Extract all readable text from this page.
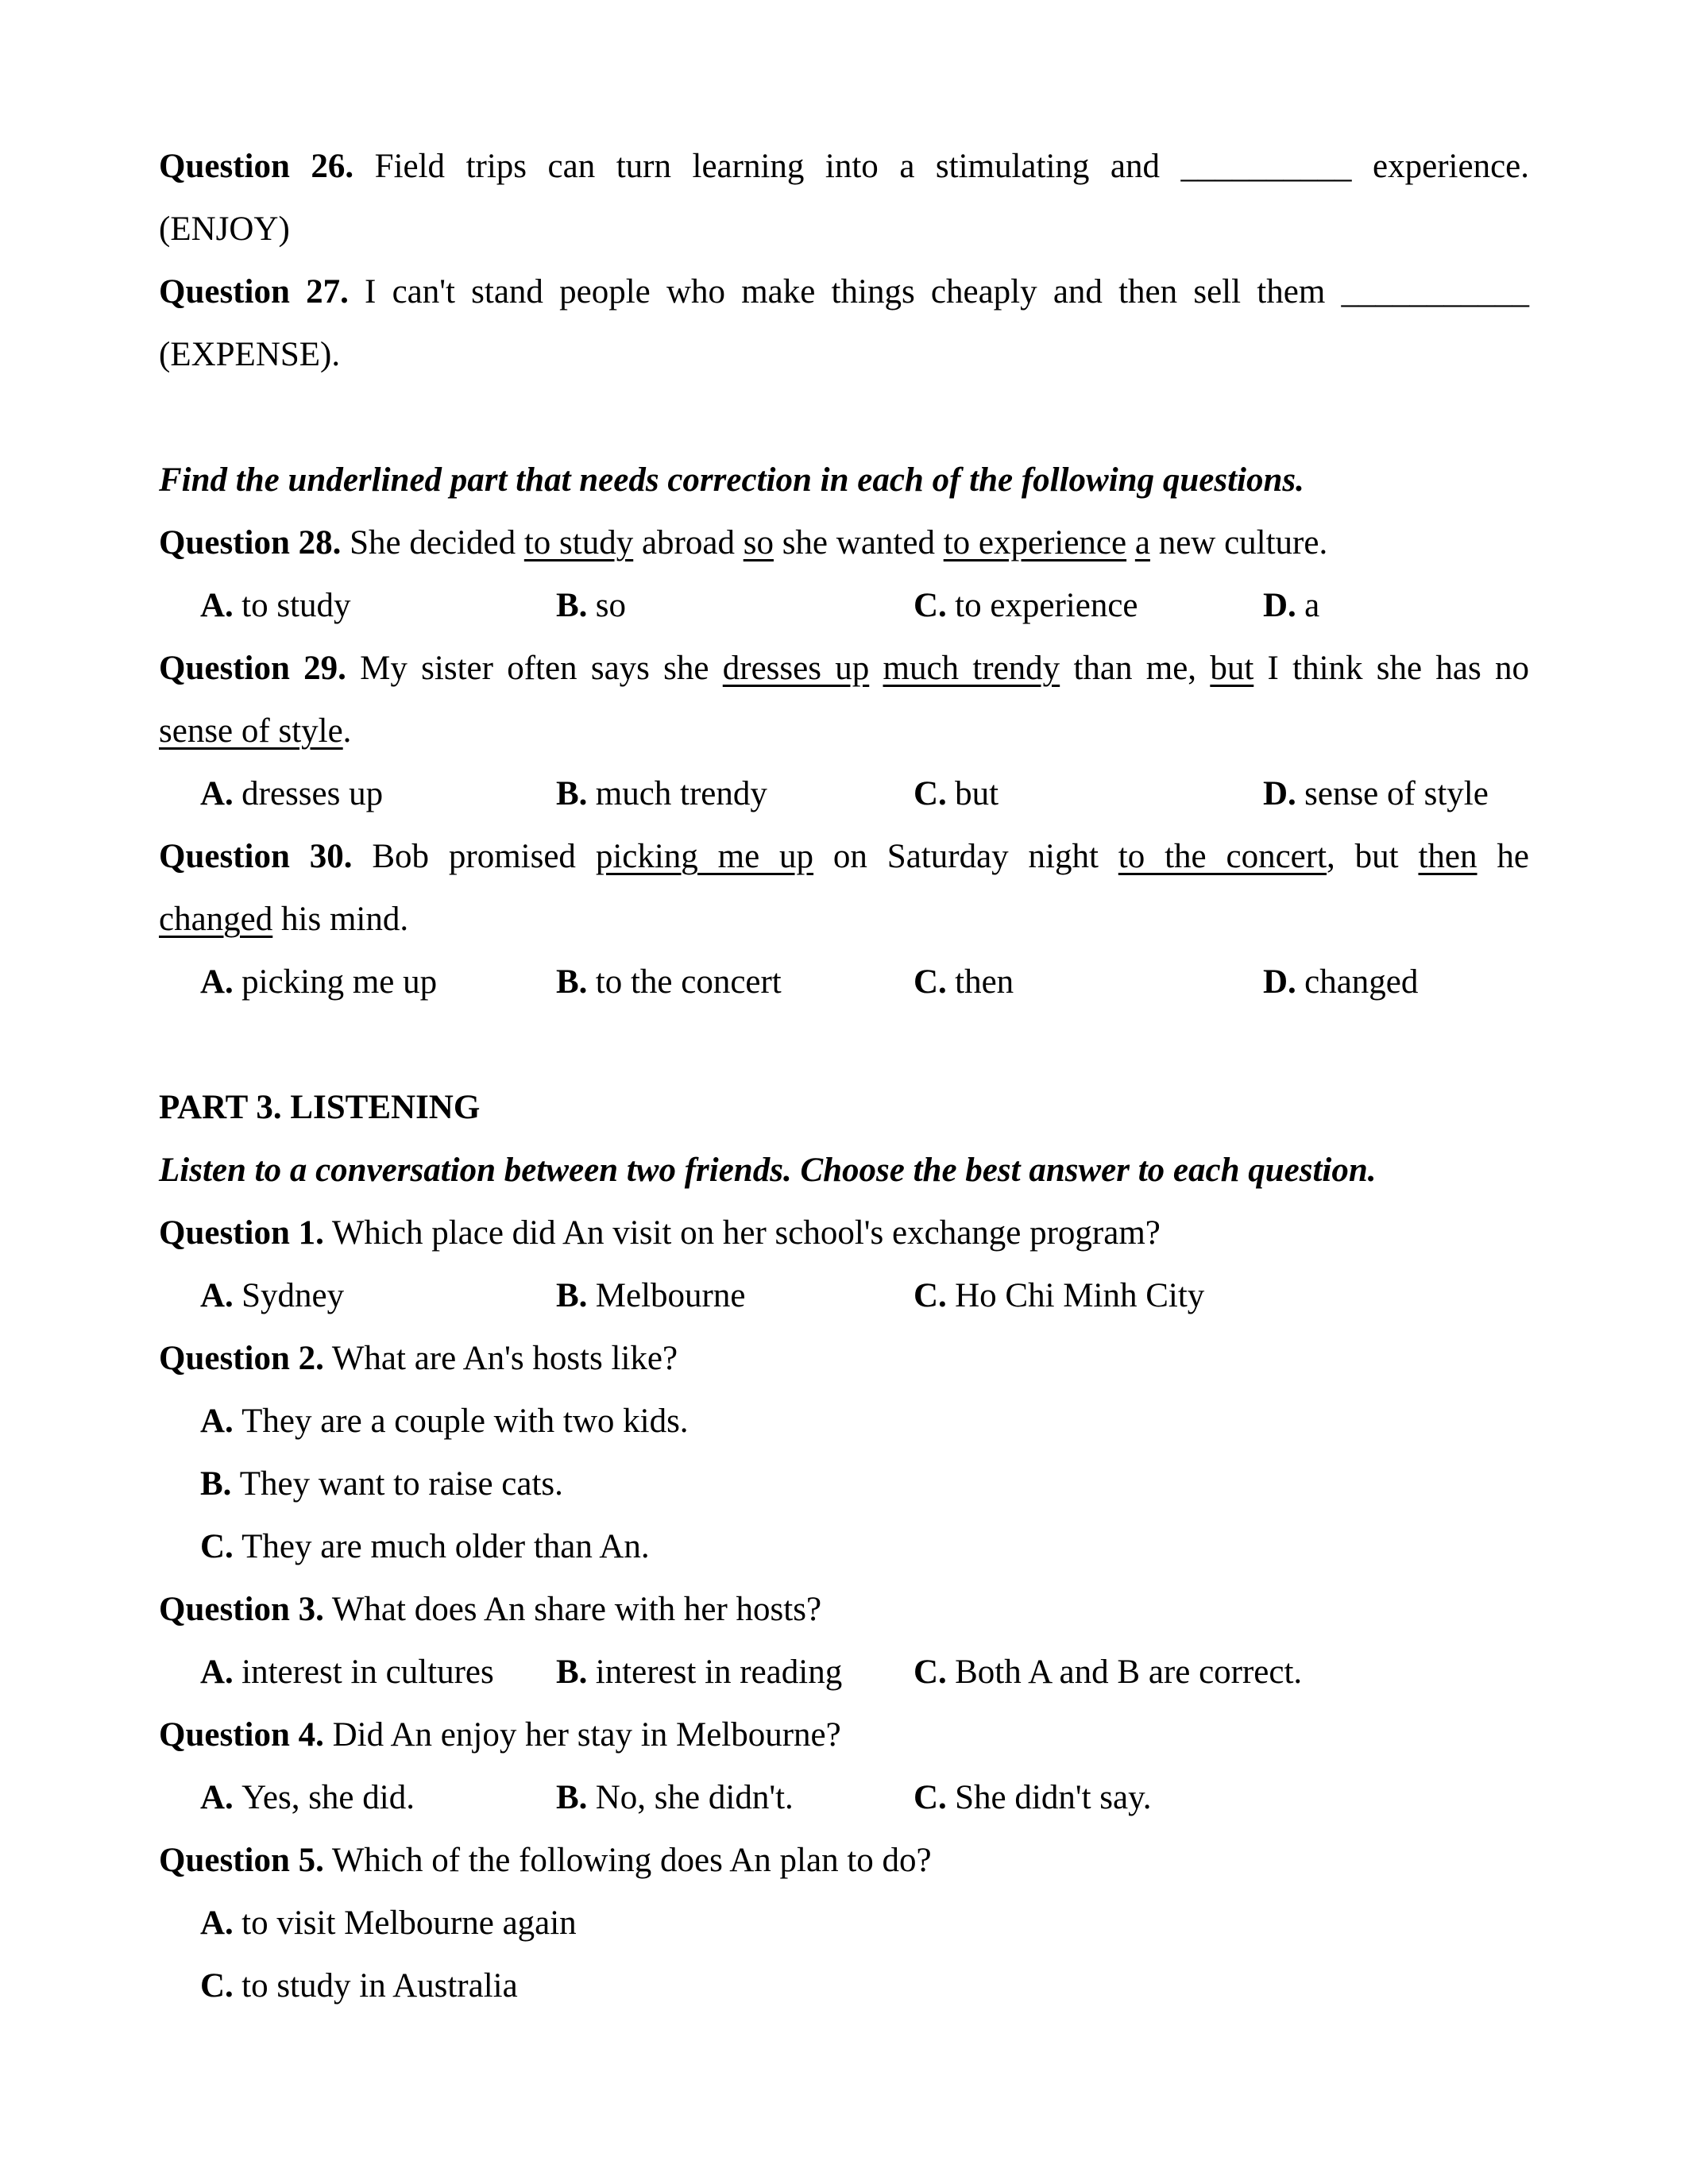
Question 26. Field trips can turn learning into a stimulating and __________ experience.
(ENJOY)
Question 27. I can't stand people who make things cheaply and then sell them ___________
(EXPENSE).
Find the underlined part that needs correction in each of the following questions.
Question 28. She decided to study abroad so she wanted to experience a new culture.
A. to study	B. so	C. to experience	D. a
Question 29. My sister often says she dresses up much trendy than me, but I think she has no
sense of style.
A. dresses up	B. much trendy	C. but	D. sense of style
Question 30. Bob promised picking me up on Saturday night to the concert, but then he
changed his mind.
A. picking me up	B. to the concert	C. then	D. changed
PART 3. LISTENING
Listen to a conversation between two friends. Choose the best answer to each question.
Question 1. Which place did An visit on her school's exchange program?
A. Sydney	B. Melbourne	C. Ho Chi Minh City
Question 2. What are An's hosts like?
A. They are a couple with two kids.
B. They want to raise cats.
C. They are much older than An.
Question 3. What does An share with her hosts?
A. interest in cultures B. interest in reading C. Both A and B are correct.
Question 4. Did An enjoy her stay in Melbourne?
A. Yes, she did.	B. No, she didn't.	C. She didn't say.
Question 5. Which of the following does An plan to do?
A. to visit Melbourne again
C. to study in Australia
